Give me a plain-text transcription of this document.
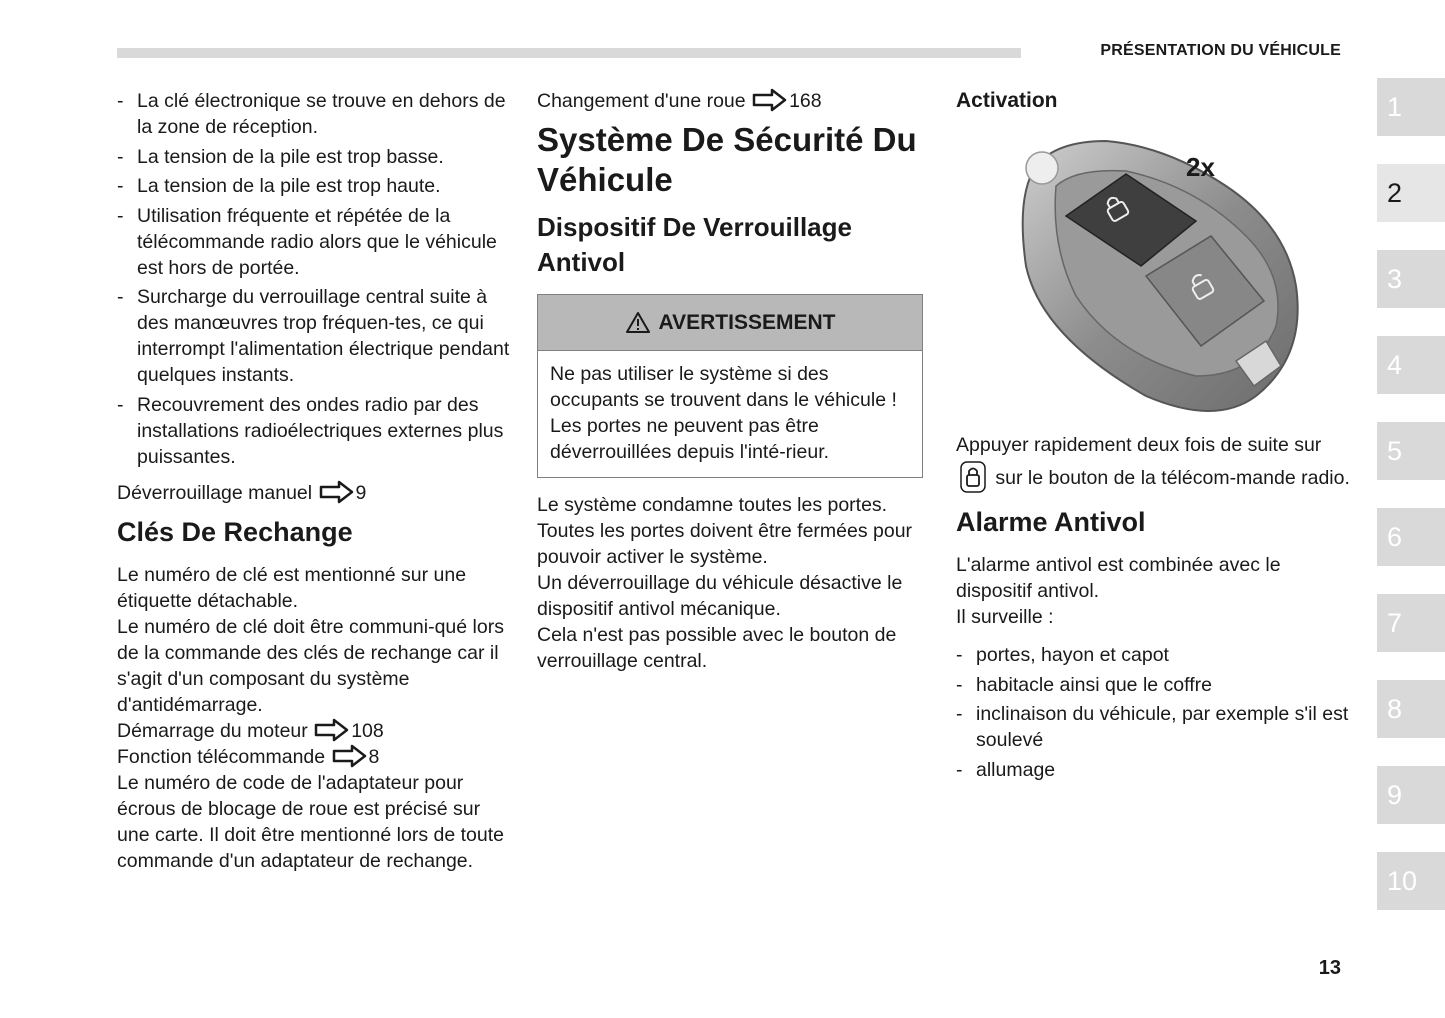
PRÉSENTATION DU VÉHICULE
- La clé électronique se trouve en dehors de la zone de réception.
- La tension de la pile est trop basse.
- La tension de la pile est trop haute.
- Utilisation fréquente et répétée de la télécommande radio alors que le véhicule est hors de portée.
- Surcharge du verrouillage central suite à des manœuvres trop fréquen-tes, ce qui interrompt l'alimentation électrique pendant quelques instants.
- Recouvrement des ondes radio par des installations radioélectriques externes plus puissantes.

Déverrouillage manuel 9

Clés De Rechange

Le numéro de clé est mentionné sur une étiquette détachable.

Le numéro de clé doit être communi-qué lors de la commande des clés de rechange car il s'agit d'un composant du système d'antidémarrage.

Démarrage du moteur 108

Fonction télécommande 8

Le numéro de code de l'adaptateur pour écrous de blocage de roue est précisé sur une carte. Il doit être mentionné lors de toute commande d'un adaptateur de rechange.

Changement d'une roue 168

Système De Sécurité Du Véhicule
Dispositif De Verrouillage Antivol
AVERTISSEMENT
Ne pas utiliser le système si des occupants se trouvent dans le véhicule ! Les portes ne peuvent pas être déverrouillées depuis l'inté-rieur.

Le système condamne toutes les portes.

Toutes les portes doivent être fermées pour pouvoir activer le système.

Un déverrouillage du véhicule désactive le dispositif antivol mécanique.

Cela n'est pas possible avec le bouton de verrouillage central.

Activation
2x

Appuyer rapidement deux fois de suite sur  sur le bouton de la télécom-mande radio.

Alarme Antivol

L'alarme antivol est combinée avec le dispositif antivol.

Il surveille :

- portes, hayon et capot
- habitacle ainsi que le coffre
- inclinaison du véhicule, par exemple s'il est soulevé
- allumage
1
2
3
4
5
6
7
8
9
10
13
